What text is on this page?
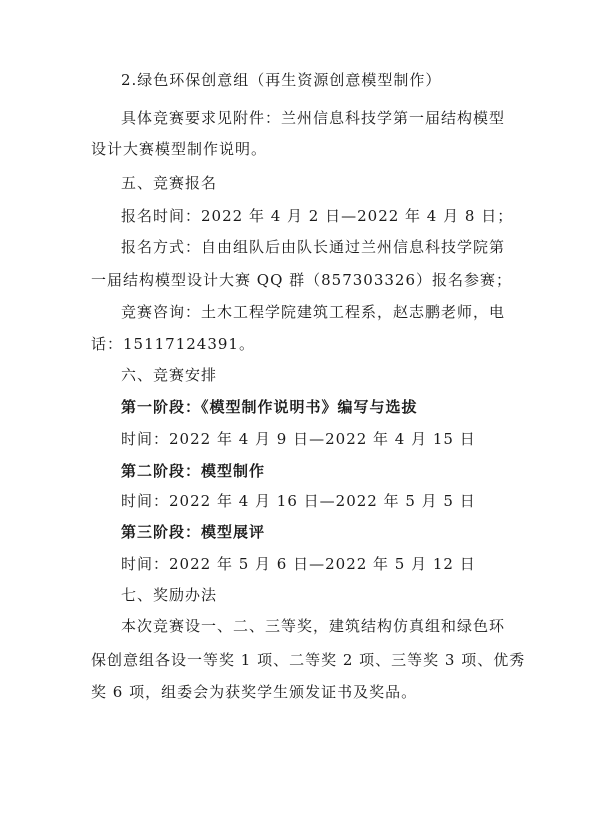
2.绿色环保创意组（再生资源创意模型制作）
具体竞赛要求见附件：兰州信息科技学第一届结构模型
设计大赛模型制作说明。
五、竞赛报名
报名时间：2022 年 4 月 2 日—2022 年 4 月 8 日；
报名方式：自由组队后由队长通过兰州信息科技学院第
一届结构模型设计大赛 QQ 群（857303326）报名参赛；
竞赛咨询：土木工程学院建筑工程系，赵志鹏老师，电
话：15117124391。
六、竞赛安排
第一阶段：《模型制作说明书》编写与选拔
时间：2022 年 4 月 9 日—2022 年 4 月 15 日
第二阶段：模型制作
时间：2022 年 4 月 16 日—2022 年 5 月 5 日
第三阶段：模型展评
时间：2022 年 5 月 6 日—2022 年 5 月 12 日
七、奖励办法
本次竞赛设一、二、三等奖，建筑结构仿真组和绿色环
保创意组各设一等奖 1 项、二等奖 2 项、三等奖 3 项、优秀
奖 6 项，组委会为获奖学生颁发证书及奖品。
